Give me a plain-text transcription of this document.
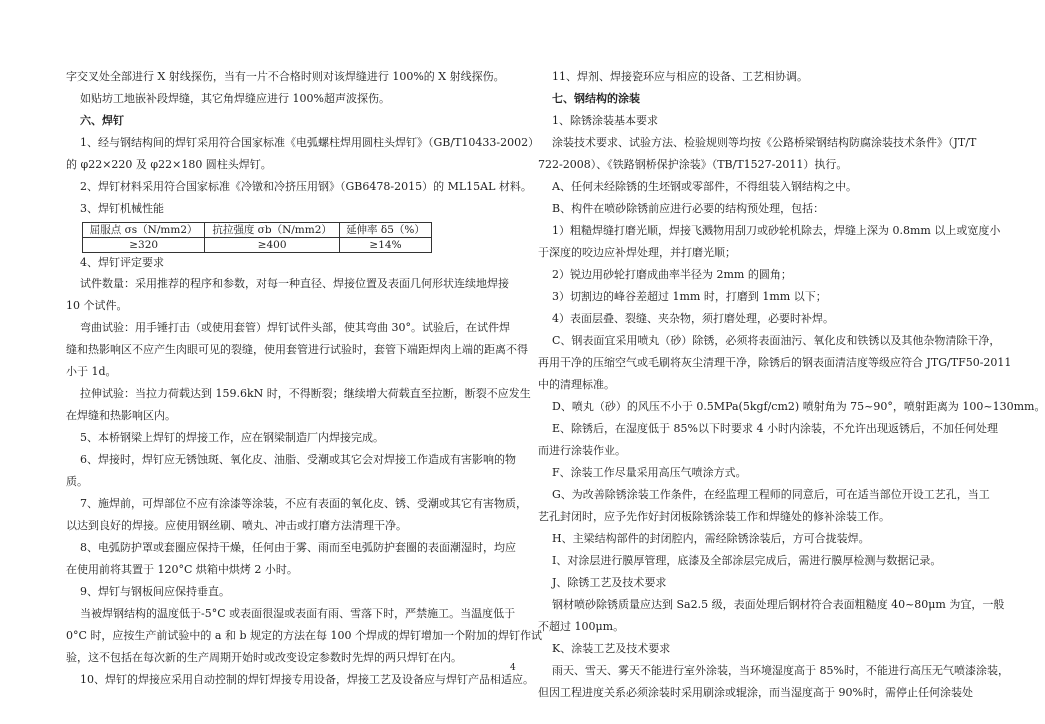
字交叉处全部进行 X 射线探伤，当有一片不合格时则对该焊缝进行 100%的 X 射线探伤。

如贴坊工地嵌补段焊缝，其它角焊缝应进行 100%超声波探伤。

六、焊钉

1、经与钢结构间的焊钉采用符合国家标准《电弧螺柱焊用圆柱头焊钉》（GB/T10433-2002）

的 φ22×220 及 φ22×180 圆柱头焊钉。

2、焊钉材料采用符合国家标准《冷镦和冷挤压用钢》（GB6478-2015）的 ML15AL 材料。

3、焊钉机械性能

屈服点 σs（N/mm2）	抗拉强度 σb（N/mm2）	延伸率 δ5（%）
≥320	≥400	≥14%

4、焊钉评定要求

试件数量：采用推荐的程序和参数，对每一种直径、焊接位置及表面几何形状连续地焊接

10 个试件。

弯曲试验：用手锤打击（或使用套管）焊钉试件头部，使其弯曲 30°。试验后，在试件焊

缝和热影响区不应产生肉眼可见的裂缝，使用套管进行试验时，套管下端距焊肉上端的距离不得

小于 1d。

拉伸试验：当拉力荷载达到 159.6kN 时，不得断裂；继续增大荷载直至拉断，断裂不应发生

在焊缝和热影响区内。

5、本桥钢梁上焊钉的焊接工作，应在钢梁制造厂内焊接完成。

6、焊接时，焊钉应无锈蚀斑、氧化皮、油脂、受潮或其它会对焊接工作造成有害影响的物

质。

7、施焊前，可焊部位不应有涂漆等涂装，不应有表面的氧化皮、锈、受潮或其它有害物质，

以达到良好的焊接。应使用钢丝刷、喷丸、冲击或打磨方法清理干净。

8、电弧防护罩或套圈应保持干燥，任何由于雾、雨而至电弧防护套圈的表面潮湿时，均应

在使用前将其置于 120°C 烘箱中烘烤 2 小时。

9、焊钉与钢板间应保持垂直。

当被焊钢结构的温度低于-5°C 或表面很湿或表面有雨、雪落下时，严禁施工。当温度低于

0°C 时，应按生产前试验中的 a 和 b 规定的方法在每 100 个焊成的焊钉增加一个附加的焊钉作试

验，这不包括在每次新的生产周期开始时或改变设定参数时先焊的两只焊钉在内。

10、焊钉的焊接应采用自动控制的焊钉焊接专用设备，焊接工艺及设备应与焊钉产品相适应。

11、焊剂、焊接瓷环应与相应的设备、工艺相协调。

七、钢结构的涂装

1、除锈涂装基本要求

涂装技术要求、试验方法、检验规则等均按《公路桥梁钢结构防腐涂装技术条件》（JT/T

722-2008）、《铁路钢桥保护涂装》（TB/T1527-2011）执行。

A、任何未经除锈的生坯钢或零部件，不得组装入钢结构之中。

B、构件在喷砂除锈前应进行必要的结构预处理，包括：

1）粗糙焊缝打磨光顺，焊接飞溅物用刮刀或砂轮机除去，焊缝上深为 0.8mm 以上或宽度小

于深度的咬边应补焊处理，并打磨光顺；

2）锐边用砂轮打磨成曲率半径为 2mm 的圆角；

3）切割边的峰谷差超过 1mm 时，打磨到 1mm 以下；

4）表面层叠、裂缝、夹杂物，须打磨处理，必要时补焊。

C、钢表面宜采用喷丸（砂）除锈，必须将表面油污、氧化皮和铁锈以及其他杂物清除干净，

再用干净的压缩空气或毛刷将灰尘清理干净，除锈后的钢表面清洁度等级应符合 JTG/TF50-2011

中的清理标准。

D、喷丸（砂）的风压不小于 0.5MPa(5kgf/cm2) 喷射角为 75~90°，喷射距离为 100~130mm。

E、除锈后，在湿度低于 85%以下时要求 4 小时内涂装，不允许出现返锈后，不加任何处理

而进行涂装作业。

F、涂装工作尽量采用高压气喷涂方式。

G、为改善除锈涂装工作条件，在经监理工程师的同意后，可在适当部位开设工艺孔，当工

艺孔封闭时，应予先作好封闭板除锈涂装工作和焊缝处的修补涂装工作。

H、主梁结构部件的封闭腔内，需经除锈涂装后，方可合拢装焊。

I、对涂层进行膜厚管理，底漆及全部涂层完成后，需进行膜厚检测与数据记录。

J、除锈工艺及技术要求

钢材喷砂除锈质量应达到 Sa2.5 级，表面处理后钢材符合表面粗糙度 40~80μm 为宜，一般

不超过 100μm。

K、涂装工艺及技术要求

雨天、雪天、雾天不能进行室外涂装，当环境湿度高于 85%时，不能进行高压无气喷漆涂装，

但因工程进度关系必须涂装时采用刷涂或辊涂，而当湿度高于 90%时，需停止任何涂装处

4
